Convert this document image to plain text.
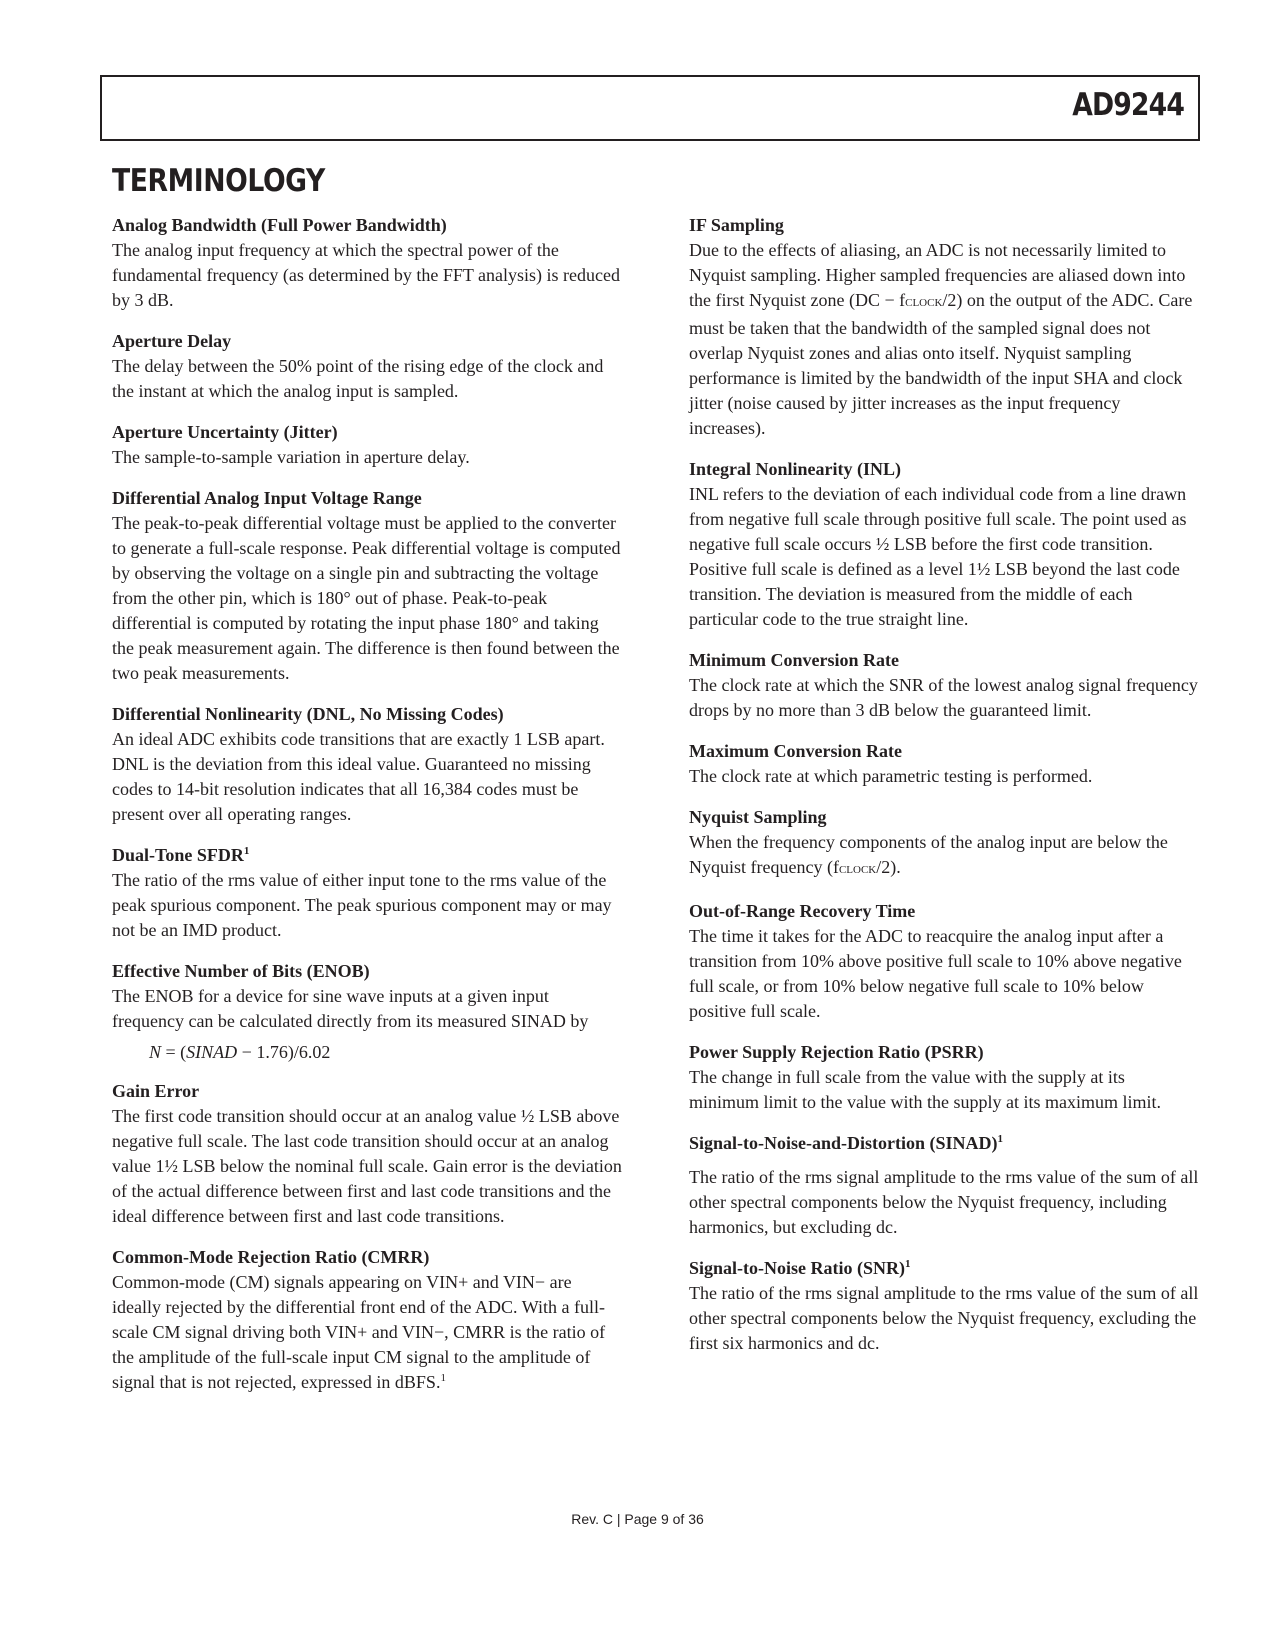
AD9244
TERMINOLOGY

Analog Bandwidth (Full Power Bandwidth)

The analog input frequency at which the spectral power of the fundamental frequency (as determined by the FFT analysis) is reduced by 3 dB.

Aperture Delay

The delay between the 50% point of the rising edge of the clock and the instant at which the analog input is sampled.

Aperture Uncertainty (Jitter)

The sample-to-sample variation in aperture delay.

Differential Analog Input Voltage Range

The peak-to-peak differential voltage must be applied to the converter to generate a full-scale response. Peak differential voltage is computed by observing the voltage on a single pin and subtracting the voltage from the other pin, which is 180° out of phase. Peak-to-peak differential is computed by rotating the input phase 180° and taking the peak measurement again. The difference is then found between the two peak measurements.

Differential Nonlinearity (DNL, No Missing Codes)

An ideal ADC exhibits code transitions that are exactly 1 LSB apart. DNL is the deviation from this ideal value. Guaranteed no missing codes to 14-bit resolution indicates that all 16,384 codes must be present over all operating ranges.

Dual-Tone SFDR$^1$

The ratio of the rms value of either input tone to the rms value of the peak spurious component. The peak spurious component may or may not be an IMD product.

Effective Number of Bits (ENOB)

The ENOB for a device for sine wave inputs at a given input frequency can be calculated directly from its measured SINAD by

N = (SINAD − 1.76)/6.02

Gain Error

The first code transition should occur at an analog value ½ LSB above negative full scale. The last code transition should occur at an analog value 1½ LSB below the nominal full scale. Gain error is the deviation of the actual difference between first and last code transitions and the ideal difference between first and last code transitions.

Common-Mode Rejection Ratio (CMRR)

Common-mode (CM) signals appearing on VIN+ and VIN− are ideally rejected by the differential front end of the ADC. With a full-scale CM signal driving both VIN+ and VIN−, CMRR is the ratio of the amplitude of the full-scale input CM signal to the amplitude of signal that is not rejected, expressed in dBFS.$^1$

IF Sampling

Due to the effects of aliasing, an ADC is not necessarily limited to Nyquist sampling. Higher sampled frequencies are aliased down into the first Nyquist zone (DC − fCLOCK/2) on the output of the ADC. Care must be taken that the bandwidth of the sampled signal does not overlap Nyquist zones and alias onto itself. Nyquist sampling performance is limited by the bandwidth of the input SHA and clock jitter (noise caused by jitter increases as the input frequency increases).

Integral Nonlinearity (INL)

INL refers to the deviation of each individual code from a line drawn from negative full scale through positive full scale. The point used as negative full scale occurs ½ LSB before the first code transition. Positive full scale is defined as a level 1½ LSB beyond the last code transition. The deviation is measured from the middle of each particular code to the true straight line.

Minimum Conversion Rate

The clock rate at which the SNR of the lowest analog signal frequency drops by no more than 3 dB below the guaranteed limit.

Maximum Conversion Rate

The clock rate at which parametric testing is performed.

Nyquist Sampling

When the frequency components of the analog input are below the Nyquist frequency (fCLOCK/2).

Out-of-Range Recovery Time

The time it takes for the ADC to reacquire the analog input after a transition from 10% above positive full scale to 10% above negative full scale, or from 10% below negative full scale to 10% below positive full scale.

Power Supply Rejection Ratio (PSRR)

The change in full scale from the value with the supply at its minimum limit to the value with the supply at its maximum limit.

Signal-to-Noise-and-Distortion (SINAD)$^1$

The ratio of the rms signal amplitude to the rms value of the sum of all other spectral components below the Nyquist frequency, including harmonics, but excluding dc.

Signal-to-Noise Ratio (SNR)$^1$

The ratio of the rms signal amplitude to the rms value of the sum of all other spectral components below the Nyquist frequency, excluding the first six harmonics and dc.

Rev. C | Page 9 of 36
